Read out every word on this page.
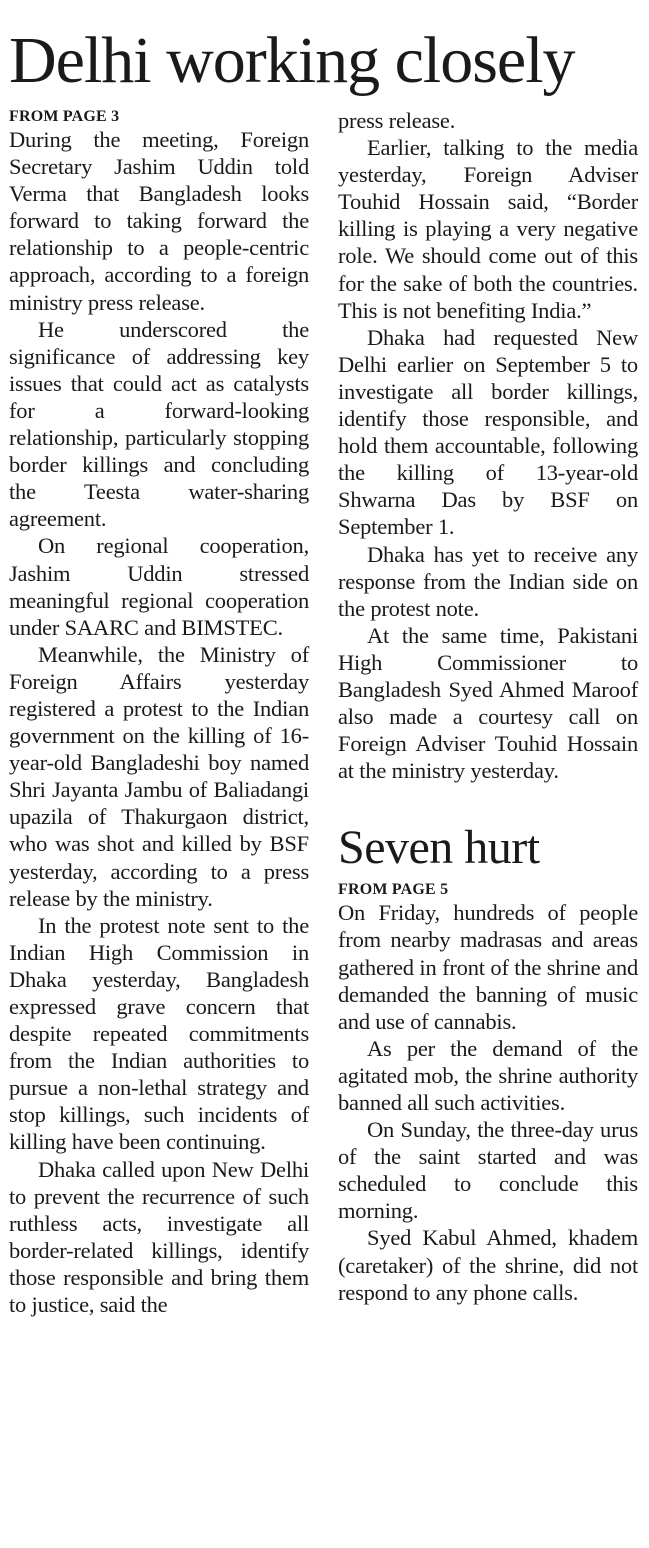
Delhi working closely
FROM PAGE 3

During the meeting, Foreign Secretary Jashim Uddin told Verma that Bangladesh looks forward to taking forward the relationship to a people-centric approach, according to a foreign ministry press release.

He underscored the significance of addressing key issues that could act as catalysts for a forward-looking relationship, particularly stopping border killings and concluding the Teesta water-sharing agreement.

On regional cooperation, Jashim Uddin stressed meaningful regional cooperation under SAARC and BIMSTEC.

Meanwhile, the Ministry of Foreign Affairs yesterday registered a protest to the Indian government on the killing of 16-year-old Bangladeshi boy named Shri Jayanta Jambu of Baliadangi upazila of Thakurgaon district, who was shot and killed by BSF yesterday, according to a press release by the ministry.

In the protest note sent to the Indian High Commission in Dhaka yesterday, Bangladesh expressed grave concern that despite repeated commitments from the Indian authorities to pursue a non-lethal strategy and stop killings, such incidents of killing have been continuing.

Dhaka called upon New Delhi to prevent the recurrence of such ruthless acts, investigate all border-related killings, identify those responsible and bring them to justice, said the

press release.

Earlier, talking to the media yesterday, Foreign Adviser Touhid Hossain said, “Border killing is playing a very negative role. We should come out of this for the sake of both the countries. This is not benefiting India.”

Dhaka had requested New Delhi earlier on September 5 to investigate all border killings, identify those responsible, and hold them accountable, following the killing of 13-year-old Shwarna Das by BSF on September 1.

Dhaka has yet to receive any response from the Indian side on the protest note.

At the same time, Pakistani High Commissioner to Bangladesh Syed Ahmed Maroof also made a courtesy call on Foreign Adviser Touhid Hossain at the ministry yesterday.

Seven hurt
FROM PAGE 5

On Friday, hundreds of people from nearby madrasas and areas gathered in front of the shrine and demanded the banning of music and use of cannabis.

As per the demand of the agitated mob, the shrine authority banned all such activities.

On Sunday, the three-day urus of the saint started and was scheduled to conclude this morning.

Syed Kabul Ahmed, khadem (caretaker) of the shrine, did not respond to any phone calls.
